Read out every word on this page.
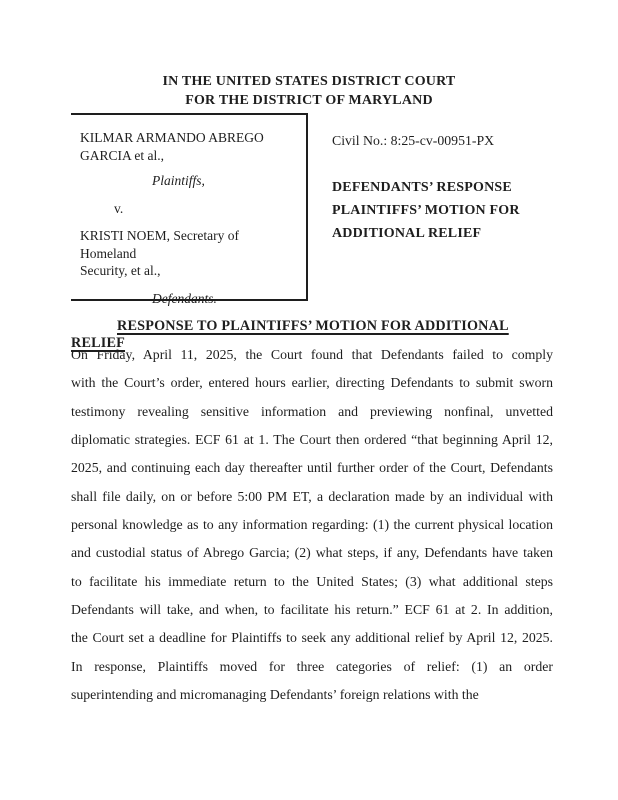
IN THE UNITED STATES DISTRICT COURT
FOR THE DISTRICT OF MARYLAND
KILMAR ARMANDO ABREGO
GARCIA et al.,
Plaintiffs,
v.
KRISTI NOEM, Secretary of Homeland
Security, et al.,
Defendants.
Civil No.: 8:25-cv-00951-PX
DEFENDANTS’ RESPONSE
PLAINTIFFS’ MOTION FOR
ADDITIONAL RELIEF
RESPONSE TO PLAINTIFFS’ MOTION FOR ADDITIONAL RELIEF
On Friday, April 11, 2025, the Court found that Defendants failed to comply
with the Court’s order, entered hours earlier, directing Defendants to submit sworn
testimony revealing sensitive information and previewing nonfinal, unvetted
diplomatic strategies. ECF 61 at 1. The Court then ordered “that beginning April 12,
2025, and continuing each day thereafter until further order of the Court, Defendants
shall file daily, on or before 5:00 PM ET, a declaration made by an individual with
personal knowledge as to any information regarding: (1) the current physical location
and custodial status of Abrego Garcia; (2) what steps, if any, Defendants have taken
to facilitate his immediate return to the United States; (3) what additional steps
Defendants will take, and when, to facilitate his return.” ECF 61 at 2. In addition,
the Court set a deadline for Plaintiffs to seek any additional relief by April 12, 2025.
In response, Plaintiffs moved for three categories of relief: (1) an order
superintending and micromanaging Defendants’ foreign relations with the
